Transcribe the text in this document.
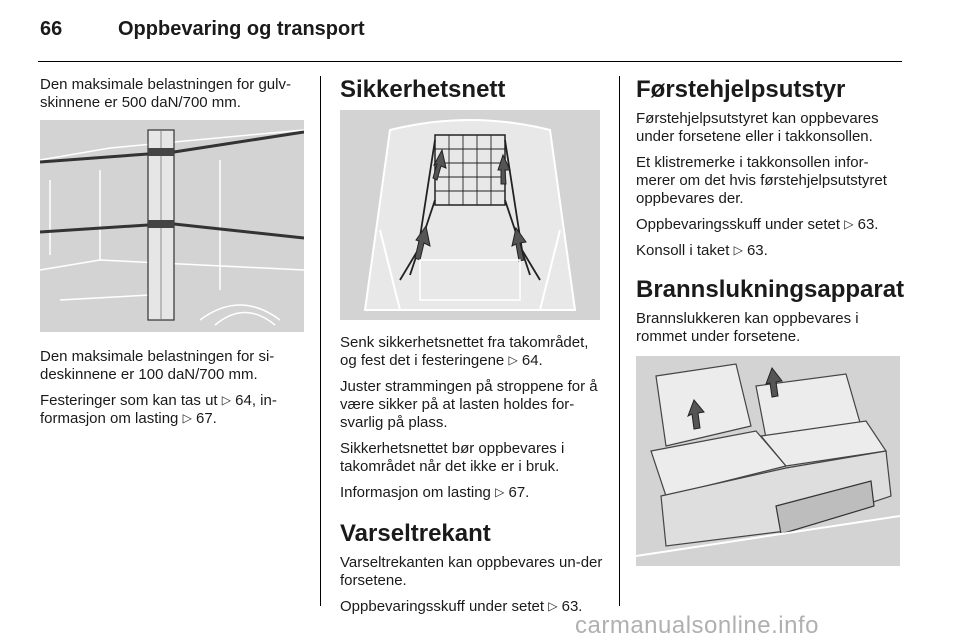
66	Oppbevaring og transport

Den maksimale belastningen for gulv-skinnene er 500 daN/700 mm.

Den maksimale belastningen for si-deskinnene er 100 daN/700 mm.

Festeringer som kan tas ut ▷ 64, in-formasjon om lasting ▷ 67.

Sikkerhetsnett

Senk sikkerhetsnettet fra takområdet, og fest det i festeringene ▷ 64.

Juster strammingen på stroppene for å være sikker på at lasten holdes for-svarlig på plass.

Sikkerhetsnettet bør oppbevares i takområdet når det ikke er i bruk.

Informasjon om lasting ▷ 67.

Varseltrekant

Varseltrekanten kan oppbevares un-der forsetene.

Oppbevaringsskuff under setet ▷ 63.

Førstehjelpsutstyr

Førstehjelpsutstyret kan oppbevares under forsetene eller i takkonsollen.

Et klistremerke i takkonsollen infor-merer om det hvis førstehjelpsutstyret oppbevares der.

Oppbevaringsskuff under setet ▷ 63.

Konsoll i taket ▷ 63.

Brannslukningsapparat

Brannslukkeren kan oppbevares i rommet under forsetene.

carmanualsonline.info
